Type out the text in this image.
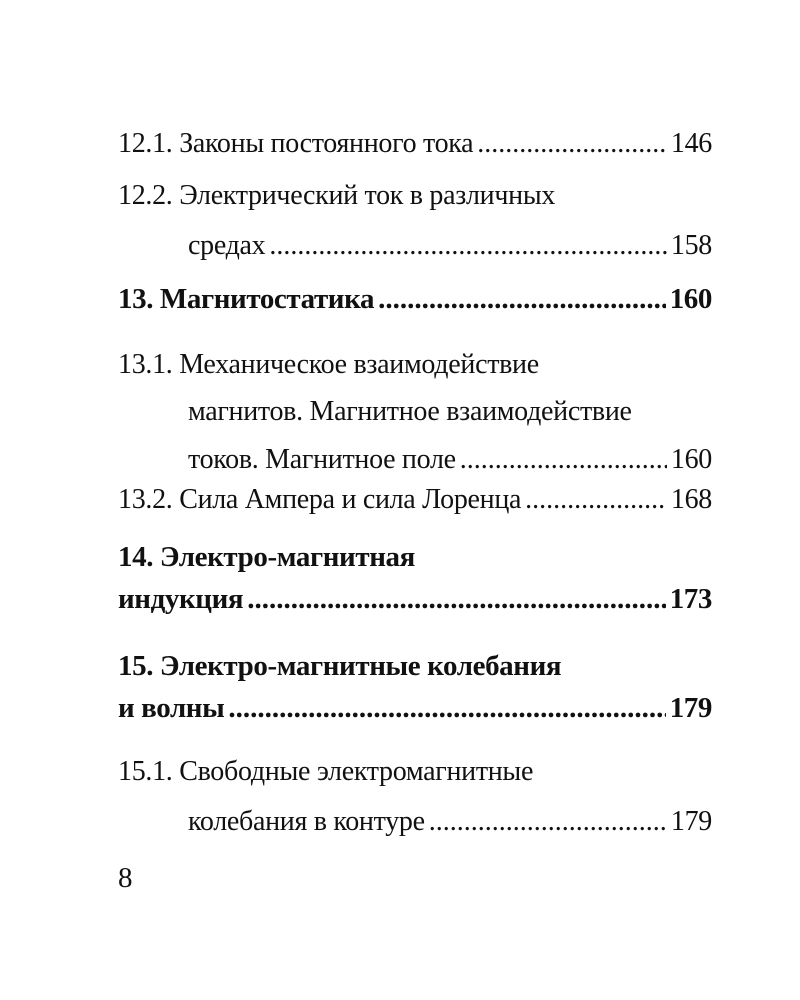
12.1. Законы постоянного тока .....	146
12.2. Электрический ток в различных
средах .....	158
13. Магнитостатика .....	160
13.1. Механическое взаимодействие
магнитов. Магнитное взаимодействие
токов. Магнитное поле .....	160
13.2. Сила Ампера и сила Лоренца .....	168
14. Электро-магнитная
индукция .....	173
15. Электро-магнитные колебания
и волны .....	179
15.1. Свободные электромагнитные
колебания в контуре .....	179
8
